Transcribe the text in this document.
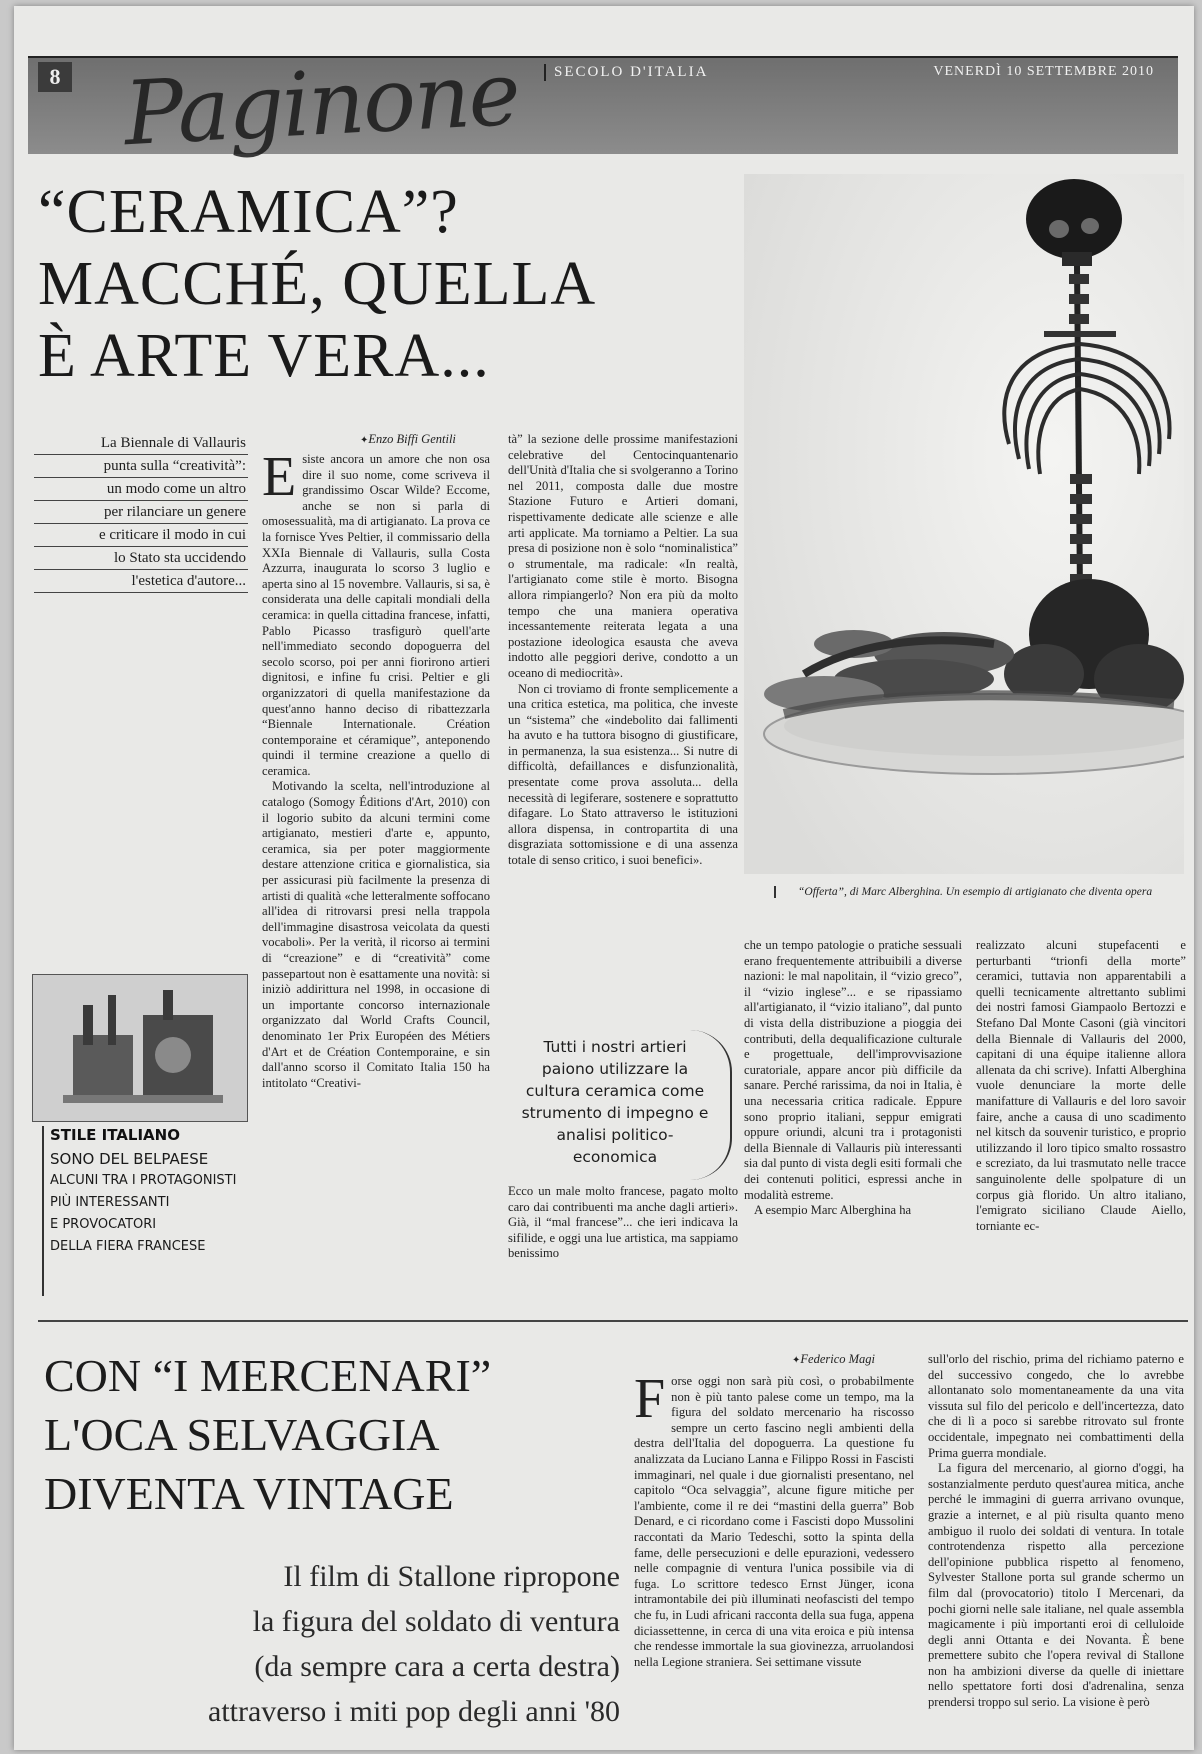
8 Paginone	SECOLO D'ITALIA	VENERDÌ 10 SETTEMBRE 2010
“CERAMICA”?
MACCHÉ, QUELLA
È ARTE VERA...
La Biennale di Vallauris
punta sulla “creatività”:
un modo come un altro
per rilanciare un genere
e criticare il modo in cui
lo Stato sta uccidendo
l'estetica d'autore...
✦ Enzo Biffi Gentili
E siste ancora un amore che non osa dire il suo nome, come scriveva il grandissimo Oscar Wilde? Eccome, anche se non si parla di omosessualità, ma di artigianato. La prova ce la fornisce Yves Peltier, il commissario della XXIa Biennale di Vallauris, sulla Costa Azzurra, inaugurata lo scorso 3 luglio e aperta sino al 15 novembre. Vallauris, si sa, è considerata una delle capitali mondiali della ceramica: in quella cittadina francese, infatti, Pablo Picasso trasfigurò quell'arte nell'immediato secondo dopoguerra del secolo scorso, poi per anni fiorirono artieri dignitosi, e infine fu crisi. Peltier e gli organizzatori di quella manifestazione da quest'anno hanno deciso di ribattezzarla “Biennale Internationale. Création contemporaine et céramique”, anteponendo quindi il termine creazione a quello di ceramica.

Motivando la scelta, nell'introduzione al catalogo (Somogy Éditions d'Art, 2010) con il logorio subito da alcuni termini come artigianato, mestieri d'arte e, appunto, ceramica, sia per poter maggiormente destare attenzione critica e giornalistica, sia per assicurasi più facilmente la presenza di artisti di qualità «che letteralmente soffocano all'idea di ritrovarsi presi nella trappola dell'immagine disastrosa veicolata da questi vocaboli». Per la verità, il ricorso ai termini di “creazione” e di “creatività” come passepartout non è esattamente una novità: si iniziò addirittura nel 1998, in occasione di un importante concorso internazionale organizzato dal World Crafts Council, denominato 1er Prix Européen des Métiers d'Art et de Création Contemporaine, e sin dall'anno scorso il Comitato Italia 150 ha intitolato “Creativi-

tà” la sezione delle prossime manifestazioni celebrative del Centocinquantenario dell'Unità d'Italia che si svolgeranno a Torino nel 2011, composta dalle due mostre Stazione Futuro e Artieri domani, rispettivamente dedicate alle scienze e alle arti applicate. Ma torniamo a Peltier. La sua presa di posizione non è solo “nominalistica” o strumentale, ma radicale: «In realtà, l'artigianato come stile è morto. Bisogna allora rimpiangerlo? Non era più da molto tempo che una maniera operativa incessantemente reiterata legata a una postazione ideologica esausta che aveva indotto alle peggiori derive, condotto a un oceano di mediocrità».

Non ci troviamo di fronte semplicemente a una critica estetica, ma politica, che investe un “sistema” che «indebolito dai fallimenti ha avuto e ha tuttora bisogno di giustificare, in permanenza, la sua esistenza... Si nutre di difficoltà, defaillances e disfunzionalità, presentate come prova assoluta... della necessità di legiferare, sostenere e soprattutto difagare. Lo Stato attraverso le istituzioni allora dispensa, in contropartita di una disgraziata sottomissione e di una assenza totale di senso critico, i suoi benefici».

Tutti i nostri artieri paiono utilizzare la cultura ceramica come strumento di impegno e analisi politico-economica

Ecco un male molto francese, pagato molto caro dai contribuenti ma anche dagli artieri». Già, il “mal francese”... che ieri indicava la sifilide, e oggi una lue artistica, ma sappiamo benissimo

“Offerta”, di Marc Alberghina. Un esempio di artigianato che diventa opera

che un tempo patologie o pratiche sessuali erano frequentemente attribuibili a diverse nazioni: le mal napolitain, il “vizio greco”, il “vizio inglese”... e se ripassiamo all'artigianato, il “vizio italiano”, dal punto di vista della distribuzione a pioggia dei contributi, della dequalificazione culturale e progettuale, dell'improvvisazione curatoriale, appare ancor più difficile da sanare. Perché rarissima, da noi in Italia, è una necessaria critica radicale. Eppure sono proprio italiani, seppur emigrati oppure oriundi, alcuni tra i protagonisti della Biennale di Vallauris più interessanti sia dal punto di vista degli esiti formali che dei contenuti politici, espressi anche in modalità estreme.

A esempio Marc Alberghina ha

realizzato alcuni stupefacenti e perturbanti “trionfi della morte” ceramici, tuttavia non apparentabili a quelli tecnicamente altrettanto sublimi dei nostri famosi Giampaolo Bertozzi e Stefano Dal Monte Casoni (già vincitori della Biennale di Vallauris del 2000, capitani di una équipe italienne allora allenata da chi scrive). Infatti Alberghina vuole denunciare la morte delle manifatture di Vallauris e del loro savoir faire, anche a causa di uno scadimento nel kitsch da souvenir turistico, e proprio utilizzando il loro tipico smalto rossastro e screziato, da lui trasmutato nelle tracce sanguinolente delle spolpature di un corpus già florido. Un altro italiano, l'emigrato siciliano Claude Aiello, torniante ec-

STILE ITALIANO
SONO DEL BELPAESE
ALCUNI TRA I PROTAGONISTI
PIÙ INTERESSANTI
E PROVOCATORI
DELLA FIERA FRANCESE
CON “I MERCENARI”
L'OCA SELVAGGIA
DIVENTA VINTAGE
Il film di Stallone ripropone
la figura del soldato di ventura
(da sempre cara a certa destra)
attraverso i miti pop degli anni '80
✦ Federico Magi
F orse oggi non sarà più così, o probabilmente non è più tanto palese come un tempo, ma la figura del soldato mercenario ha riscosso sempre un certo fascino negli ambienti della destra dell'Italia del dopoguerra. La questione fu analizzata da Luciano Lanna e Filippo Rossi in Fascisti immaginari, nel quale i due giornalisti presentano, nel capitolo “Oca selvaggia”, alcune figure mitiche per l'ambiente, come il re dei “mastini della guerra” Bob Denard, e ci ricordano come i Fascisti dopo Mussolini raccontati da Mario Tedeschi, sotto la spinta della fame, delle persecuzioni e delle epurazioni, vedessero nelle compagnie di ventura l'unica possibile via di fuga. Lo scrittore tedesco Ernst Jünger, icona intramontabile dei più illuminati neofascisti del tempo che fu, in Ludi africani racconta della sua fuga, appena diciassettenne, in cerca di una vita eroica e più intensa che rendesse immortale la sua giovinezza, arruolandosi nella Legione straniera. Sei settimane vissute

sull'orlo del rischio, prima del richiamo paterno e del successivo congedo, che lo avrebbe allontanato solo momentaneamente da una vita vissuta sul filo del pericolo e dell'incertezza, dato che di lì a poco si sarebbe ritrovato sul fronte occidentale, impegnato nei combattimenti della Prima guerra mondiale.

La figura del mercenario, al giorno d'oggi, ha sostanzialmente perduto quest'aurea mitica, anche perché le immagini di guerra arrivano ovunque, grazie a internet, e al più risulta quanto meno ambiguo il ruolo dei soldati di ventura. In totale controtendenza rispetto alla percezione dell'opinione pubblica rispetto al fenomeno, Sylvester Stallone porta sul grande schermo un film dal (provocatorio) titolo I Mercenari, da pochi giorni nelle sale italiane, nel quale assembla magicamente i più importanti eroi di celluloide degli anni Ottanta e dei Novanta. È bene premettere subito che l'opera revival di Stallone non ha ambizioni diverse da quelle di iniettare nello spettatore forti dosi d'adrenalina, senza prendersi troppo sul serio. La visione è però
